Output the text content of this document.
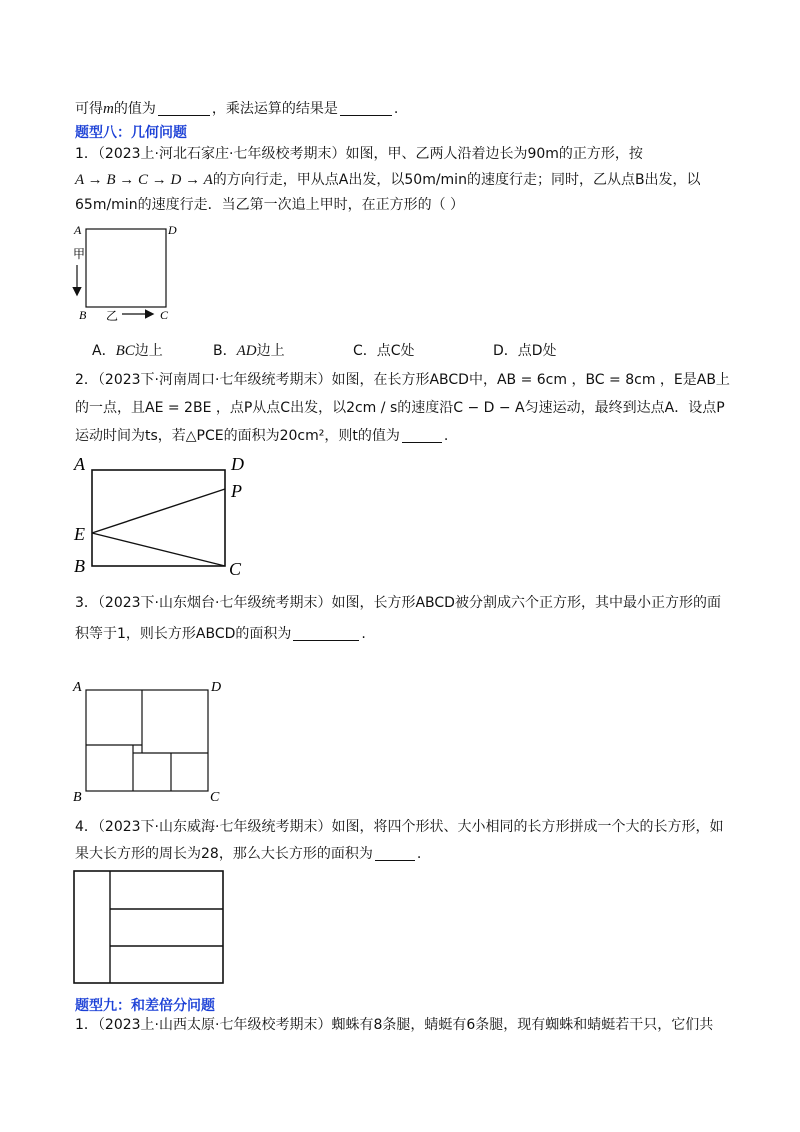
可得m的值为	，乘法运算的结果是	.
题型八：几何问题
1．（2023上·河北石家庄·七年级校考期末）如图，甲、乙两人沿着边长为90m的正方形，按
A → B → C → D → A的方向行走，甲从点A出发，以50m/min的速度行走；同时，乙从点B出发，以
65m/min的速度行走．当乙第一次追上甲时，在正方形的（ ）
A．BC边上	B．AD边上	C．点C处	D．点D处
2．（2023下·河南周口·七年级统考期末）如图，在长方形ABCD中，AB = 6cm ，BC = 8cm ，E是AB上
的一点，且AE = 2BE ，点P从点C出发，以2cm / s的速度沿C − D − A匀速运动，最终到达点A．设点P
运动时间为ts，若△PCE的面积为20cm²，则t的值为	.
3．（2023下·山东烟台·七年级统考期末）如图，长方形ABCD被分割成六个正方形，其中最小正方形的面
积等于1，则长方形ABCD的面积为	.
4．（2023下·山东威海·七年级统考期末）如图，将四个形状、大小相同的长方形拼成一个大的长方形，如
果大长方形的周长为28，那么大长方形的面积为	.
题型九：和差倍分问题
1．（2023上·山西太原·七年级校考期末）蜘蛛有8条腿，蜻蜓有6条腿，现有蜘蛛和蜻蜓若干只，它们共
A	D
B	C
甲
乙
A	D
P
E
B	C
A	D
B	C
